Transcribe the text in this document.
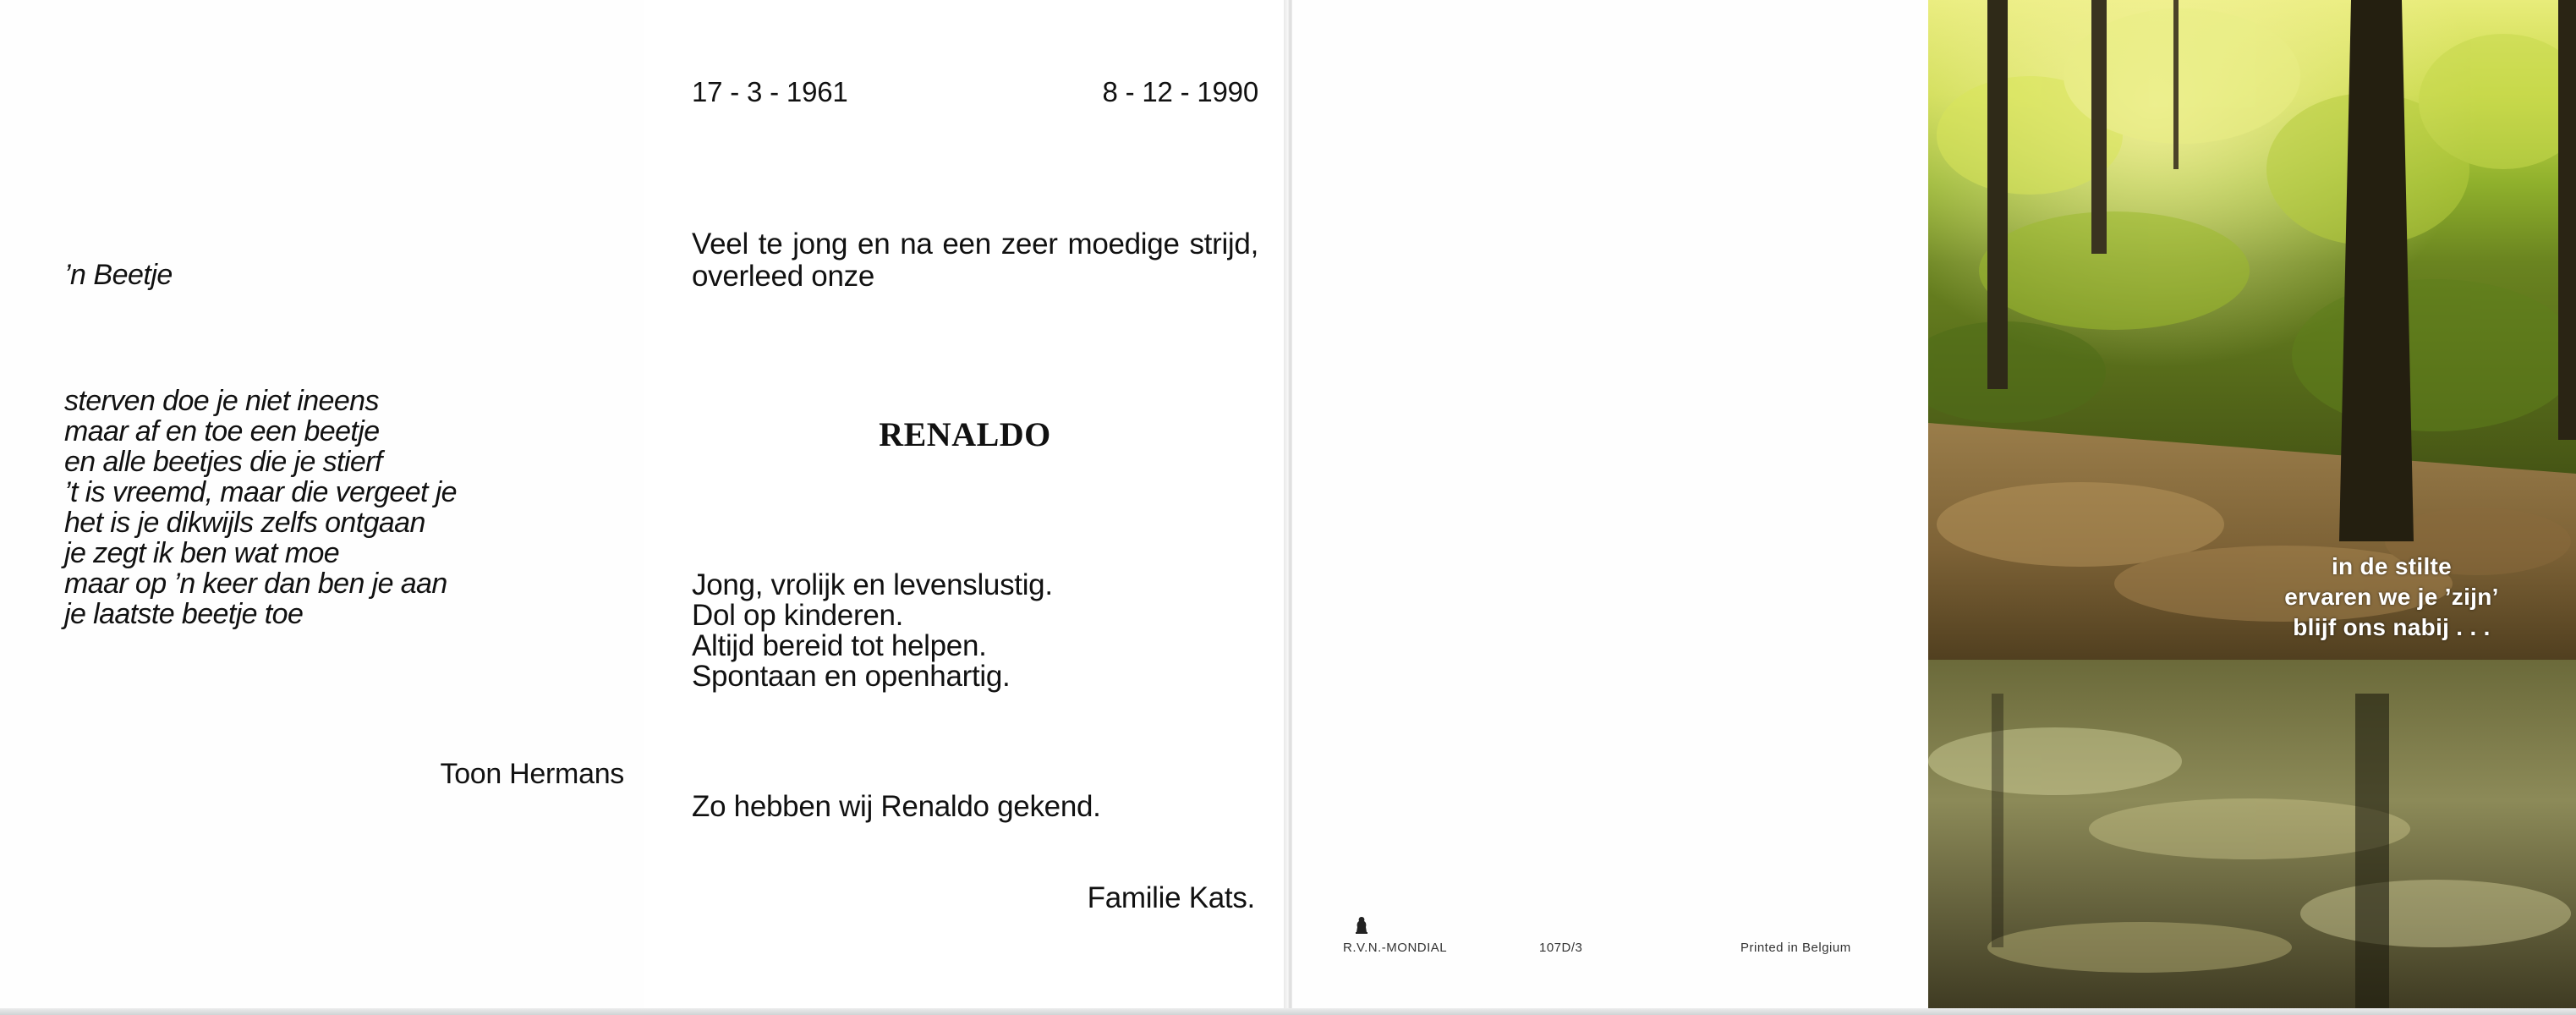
’n Beetje
sterven doe je niet ineens
maar af en toe een beetje
en alle beetjes die je stierf
’t is vreemd, maar die vergeet je
het is je dikwijls zelfs ontgaan
je zegt ik ben wat moe
maar op ’n keer dan ben je aan
je laatste beetje toe
Toon Hermans
17 - 3 - 1961	8 - 12 - 1990
Veel te jong en na een zeer moedige strijd, overleed onze
RENALDO
Jong, vrolijk en levenslustig.
Dol op kinderen.
Altijd bereid tot helpen.
Spontaan en openhartig.
Zo hebben wij Renaldo gekend.
Familie Kats.
R.V.N.-MONDIAL	107D/3	Printed in Belgium
in de stilte
ervaren we je ’zijn’
blijf ons nabij . . .
